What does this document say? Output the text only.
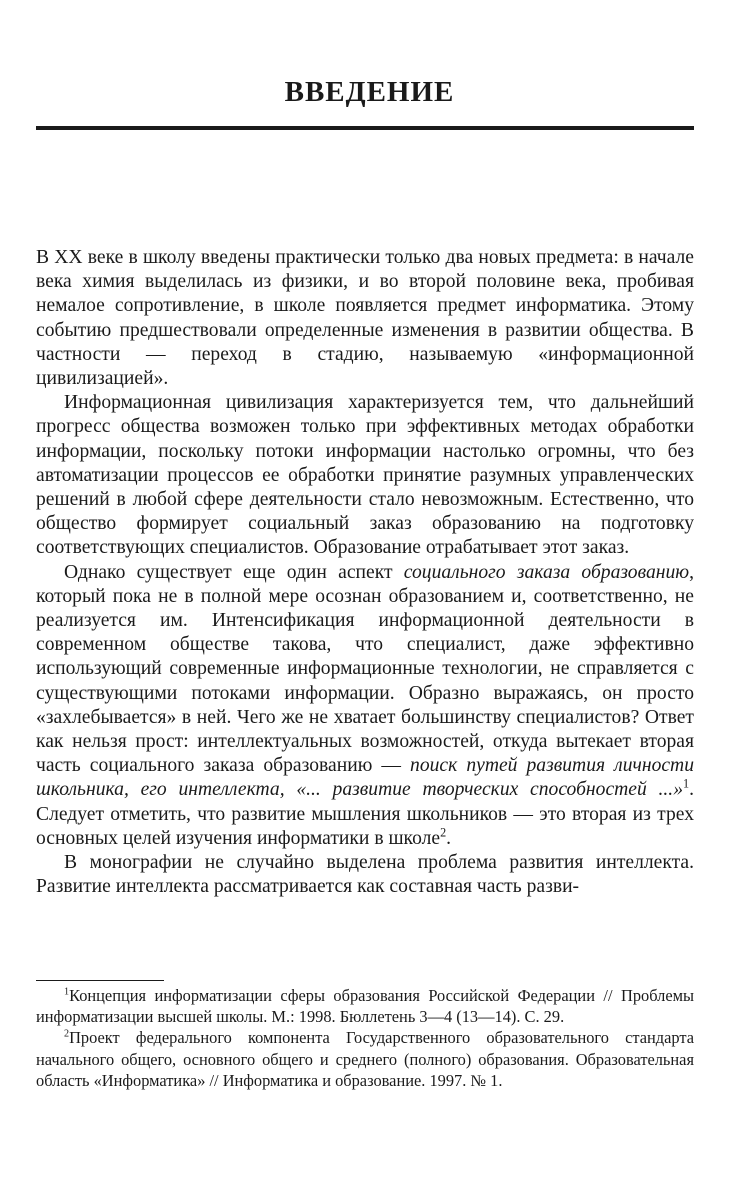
ВВЕДЕНИЕ

В ХХ веке в школу введены практически только два новых предмета: в начале века химия выделилась из физики, и во второй половине века, пробивая немалое сопротивление, в школе появляется предмет информатика. Этому событию предшествовали определенные изменения в развитии общества. В частности — переход в стадию, называемую «информационной цивилизацией».

Информационная цивилизация характеризуется тем, что дальнейший прогресс общества возможен только при эффективных методах обработки информации, поскольку потоки информации настолько огромны, что без автоматизации процессов ее обработки принятие разумных управленческих решений в любой сфере деятельности стало невозможным. Естественно, что общество формирует социальный заказ образованию на подготовку соответствующих специалистов. Образование отрабатывает этот заказ.

Однако существует еще один аспект социального заказа образованию, который пока не в полной мере осознан образованием и, соответственно, не реализуется им. Интенсификация информационной деятельности в современном обществе такова, что специалист, даже эффективно использующий современные информационные технологии, не справляется с существующими потоками информации. Образно выражаясь, он просто «захлебывается» в ней. Чего же не хватает большинству специалистов? Ответ как нельзя прост: интеллектуальных возможностей, откуда вытекает вторая часть социального заказа образованию — поиск путей развития личности школьника, его интеллекта, «... развитие творческих способностей ...»$^1$. Следует отметить, что развитие мышления школьников — это вторая из трех основных целей изучения информатики в школе$^2$.

В монографии не случайно выделена проблема развития интеллекта. Развитие интеллекта рассматривается как составная часть разви-

$^1$Концепция информатизации сферы образования Российской Федерации // Проблемы информатизации высшей школы. М.: 1998. Бюллетень 3—4 (13—14). С. 29.

$^2$Проект федерального компонента Государственного образовательного стандарта начального общего, основного общего и среднего (полного) образования. Образовательная область «Информатика» // Информатика и образование. 1997. № 1.
